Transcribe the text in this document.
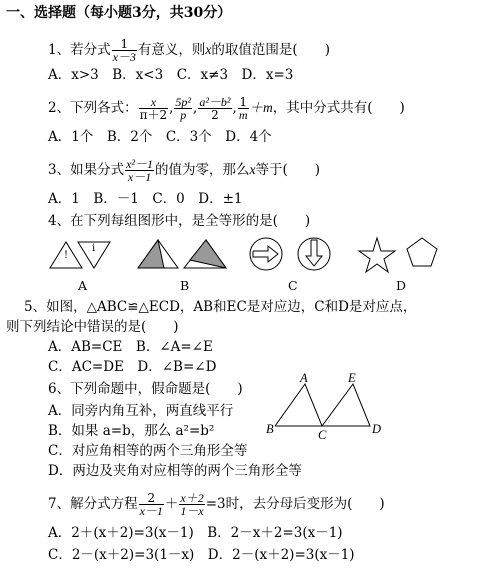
一、选择题（每小题3分，共30分）
1、若分式 $\frac{1}{x-3}$ 有意义，则x的取值范围是(　　)
A．x>3　B．x<3　C．x≠3　D．x=3
2、下列各式： $\frac{x}{\pi+2}$ , $\frac{\text{5p²}}{p}$ , $\frac{\text{a²－b²}}{2}$ , $\frac{1}{m} +m$，其中分式共有(　　)
A．1个　B．2个　C．3个　D．4个
3、如果分式 $\frac{\text{x²－1}}{x-1}$ 的值为零，那么x等于(　　)
A．1　B．－1　C．0　D．±1
4、在下列每组图形中，是全等形的是(　　)
!
i
A	B	C	D
5、如图，△ABC≌△ECD，AB和EC是对应边，C和D是对应点，
则下列结论中错误的是(　　)
A．AB=CE　B．∠A=∠E
C．AC=DE　D．∠B=∠D
6、下列命题中，假命题是(　　)
A．同旁内角互补，两直线平行
B．如果 a=b，那么 a²=b²
C．对应角相等的两个三角形全等
D．两边及夹角对应相等的两个三角形全等
A	E
B	C	D
7、解分式方程 $\frac{2}{x-1} + \frac{x+2}{1-x} =3$时，去分母后变形为(　　)
A．2＋(x＋2)=3(x－1)　B．2－x＋2=3(x－1)
C．2－(x＋2)=3(1－x)　D．2－(x＋2)=3(x－1)
